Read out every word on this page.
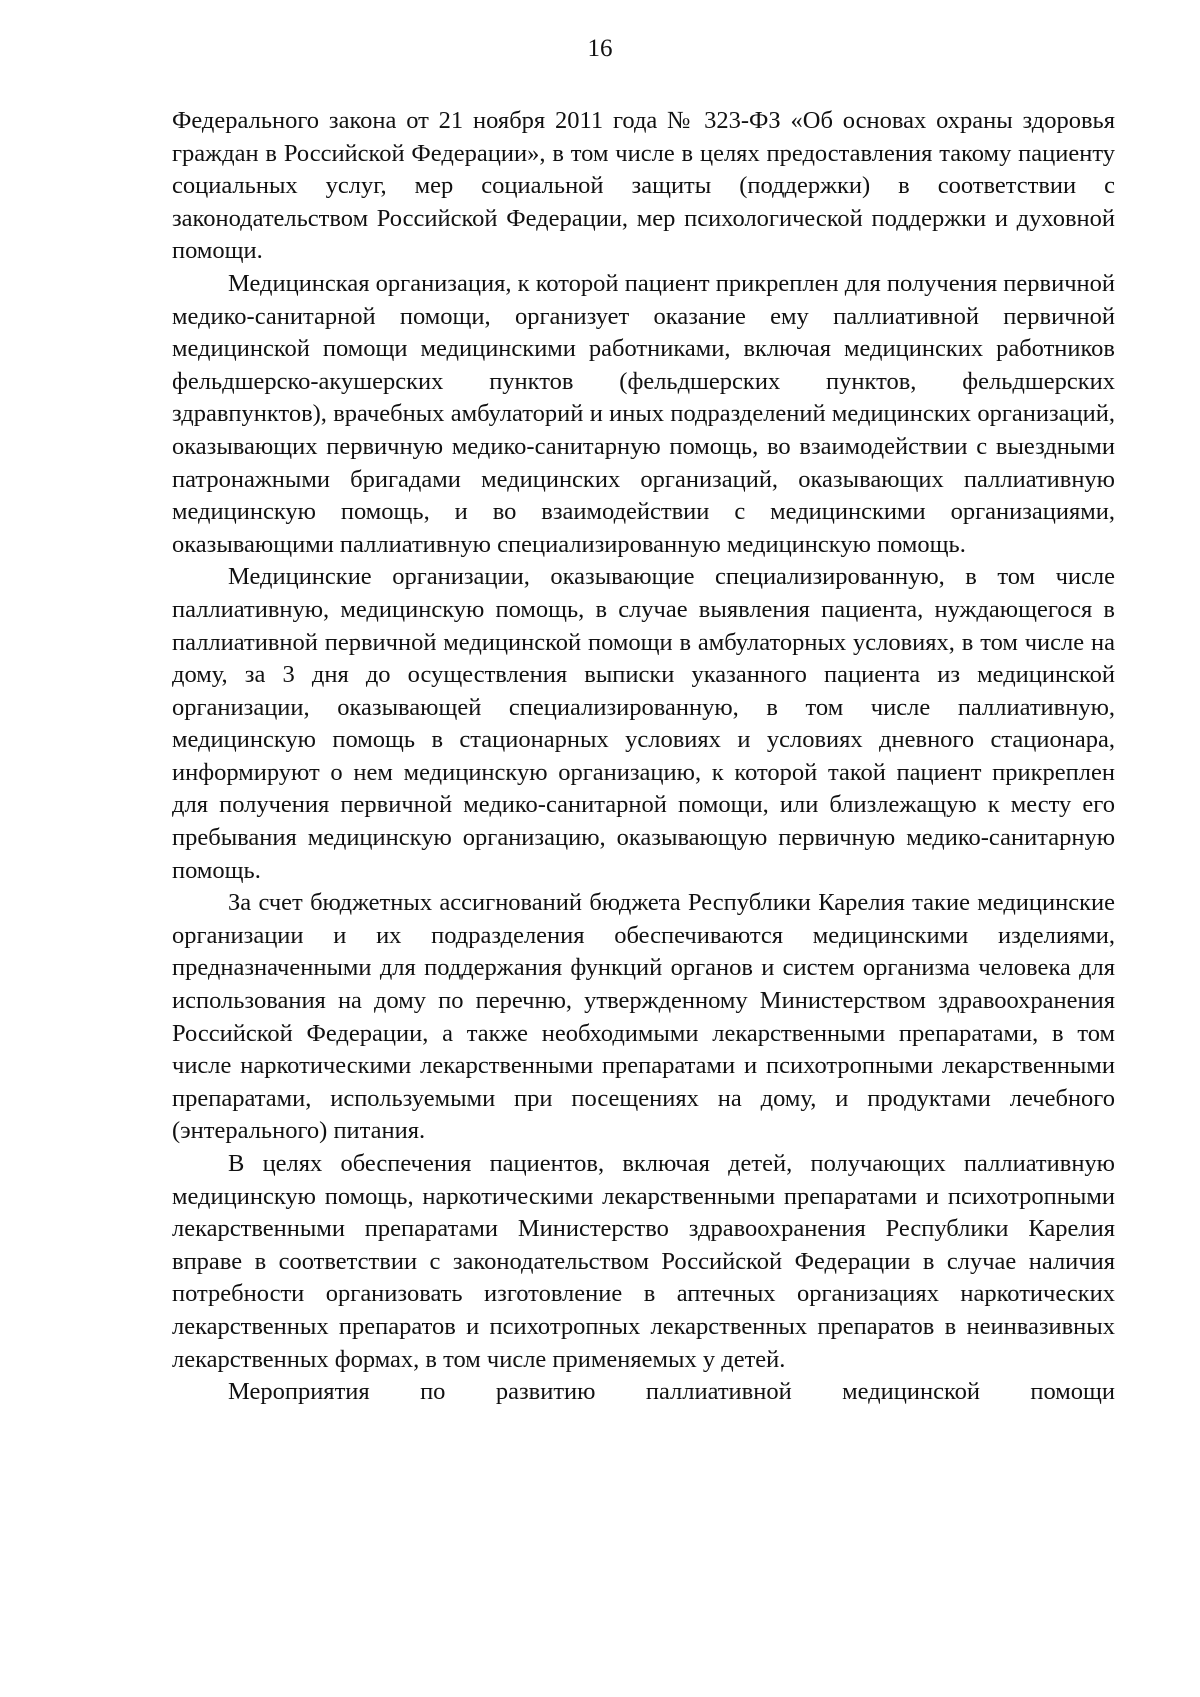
16

Федерального закона от 21 ноября 2011 года № 323-ФЗ «Об основах охраны здоровья граждан в Российской Федерации», в том числе в целях предоставления такому пациенту социальных услуг, мер социальной защиты (поддержки) в соответствии с законодательством Российской Федерации, мер психологической поддержки и духовной помощи.

Медицинская организация, к которой пациент прикреплен для получения первичной медико-санитарной помощи, организует оказание ему паллиативной первичной медицинской помощи медицинскими работниками, включая медицинских работников фельдшерско-акушерских пунктов (фельдшерских пунктов, фельдшерских здравпунктов), врачебных амбулаторий и иных подразделений медицинских организаций, оказывающих первичную медико-санитарную помощь, во взаимодействии с выездными патронажными бригадами медицинских организаций, оказывающих паллиативную медицинскую помощь, и во взаимодействии с медицинскими организациями, оказывающими паллиативную специализированную медицинскую помощь.

Медицинские организации, оказывающие специализированную, в том числе паллиативную, медицинскую помощь, в случае выявления пациента, нуждающегося в паллиативной первичной медицинской помощи в амбулаторных условиях, в том числе на дому, за 3 дня до осуществления выписки указанного пациента из медицинской организации, оказывающей специализированную, в том числе паллиативную, медицинскую помощь в стационарных условиях и условиях дневного стационара, информируют о нем медицинскую организацию, к которой такой пациент прикреплен для получения первичной медико-санитарной помощи, или близлежащую к месту его пребывания медицинскую организацию, оказывающую первичную медико-санитарную помощь.

За счет бюджетных ассигнований бюджета Республики Карелия такие медицинские организации и их подразделения обеспечиваются медицинскими изделиями, предназначенными для поддержания функций органов и систем организма человека для использования на дому по перечню, утвержденному Министерством здравоохранения Российской Федерации, а также необходимыми лекарственными препаратами, в том числе наркотическими лекарственными препаратами и психотропными лекарственными препаратами, используемыми при посещениях на дому, и продуктами лечебного (энтерального) питания.

В целях обеспечения пациентов, включая детей, получающих паллиативную медицинскую помощь, наркотическими лекарственными препаратами и психотропными лекарственными препаратами Министерство здравоохранения Республики Карелия вправе в соответствии с законодательством Российской Федерации в случае наличия потребности организовать изготовление в аптечных организациях наркотических лекарственных препаратов и психотропных лекарственных препаратов в неинвазивных лекарственных формах, в том числе применяемых у детей.

Мероприятия по развитию паллиативной медицинской помощи
